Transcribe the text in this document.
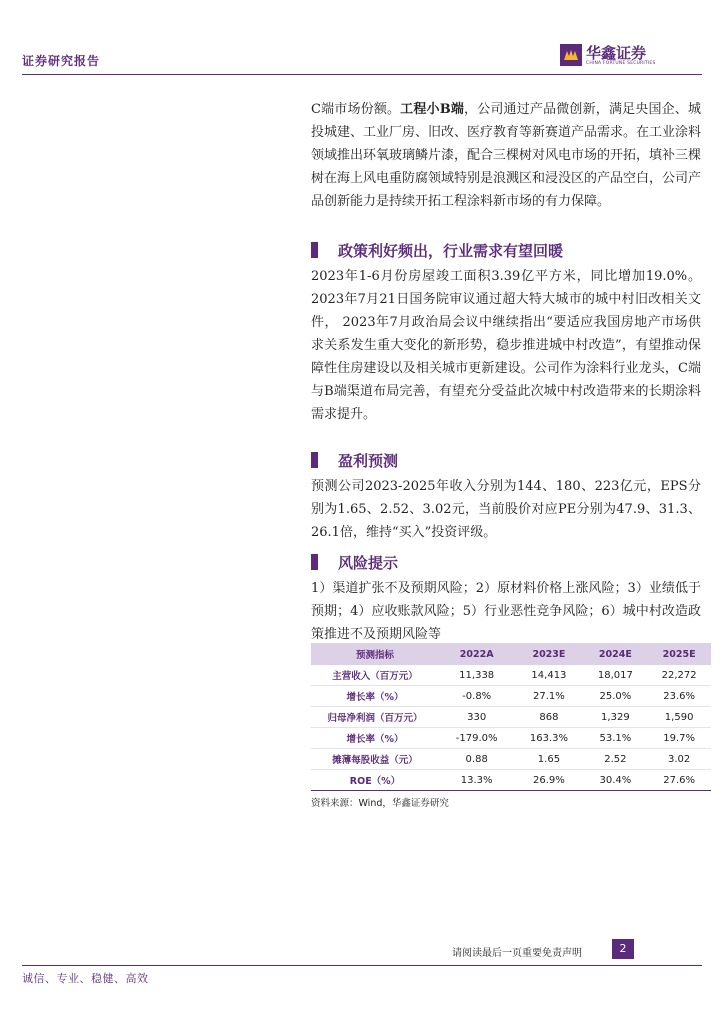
证券研究报告	华鑫证券
CHINA FORTUNE SECURITIES

C端市场份额。工程小B端，公司通过产品微创新，满足央国企、城投城建、工业厂房、旧改、医疗教育等新赛道产品需求。在工业涂料领域推出环氧玻璃鳞片漆，配合三棵树对风电市场的开拓，填补三棵树在海上风电重防腐领域特别是浪溅区和浸没区的产品空白，公司产品创新能力是持续开拓工程涂料新市场的有力保障。

政策利好频出，行业需求有望回暖

2023年1-6月份房屋竣工面积3.39亿平方米，同比增加19.0%。2023年7月21日国务院审议通过超大特大城市的城中村旧改相关文件， 2023年7月政治局会议中继续指出“要适应我国房地产市场供求关系发生重大变化的新形势，稳步推进城中村改造”，有望推动保障性住房建设以及相关城市更新建设。公司作为涂料行业龙头，C端与B端渠道布局完善，有望充分受益此次城中村改造带来的长期涂料需求提升。

盈利预测

预测公司2023-2025年收入分别为144、180、223亿元，EPS分别为1.65、2.52、3.02元，当前股价对应PE分别为47.9、31.3、26.1倍，维持“买入”投资评级。

风险提示

1）渠道扩张不及预期风险；2）原材料价格上涨风险；3）业绩低于预期；4）应收账款风险；5）行业恶性竞争风险；6）城中村改造政策推进不及预期风险等

预测指标	2022A	2023E	2024E	2025E
主营收入（百万元）	11,338	14,413	18,017	22,272
增长率（%）	-0.8%	27.1%	25.0%	23.6%
归母净利润（百万元）	330	868	1,329	1,590
增长率（%）	-179.0%	163.3%	53.1%	19.7%
摊薄每股收益（元）	0.88	1.65	2.52	3.02
ROE（%）	13.3%	26.9%	30.4%	27.6%
资料来源：Wind，华鑫证券研究
请阅读最后一页重要免责声明	2
诚信、专业、稳健、高效
